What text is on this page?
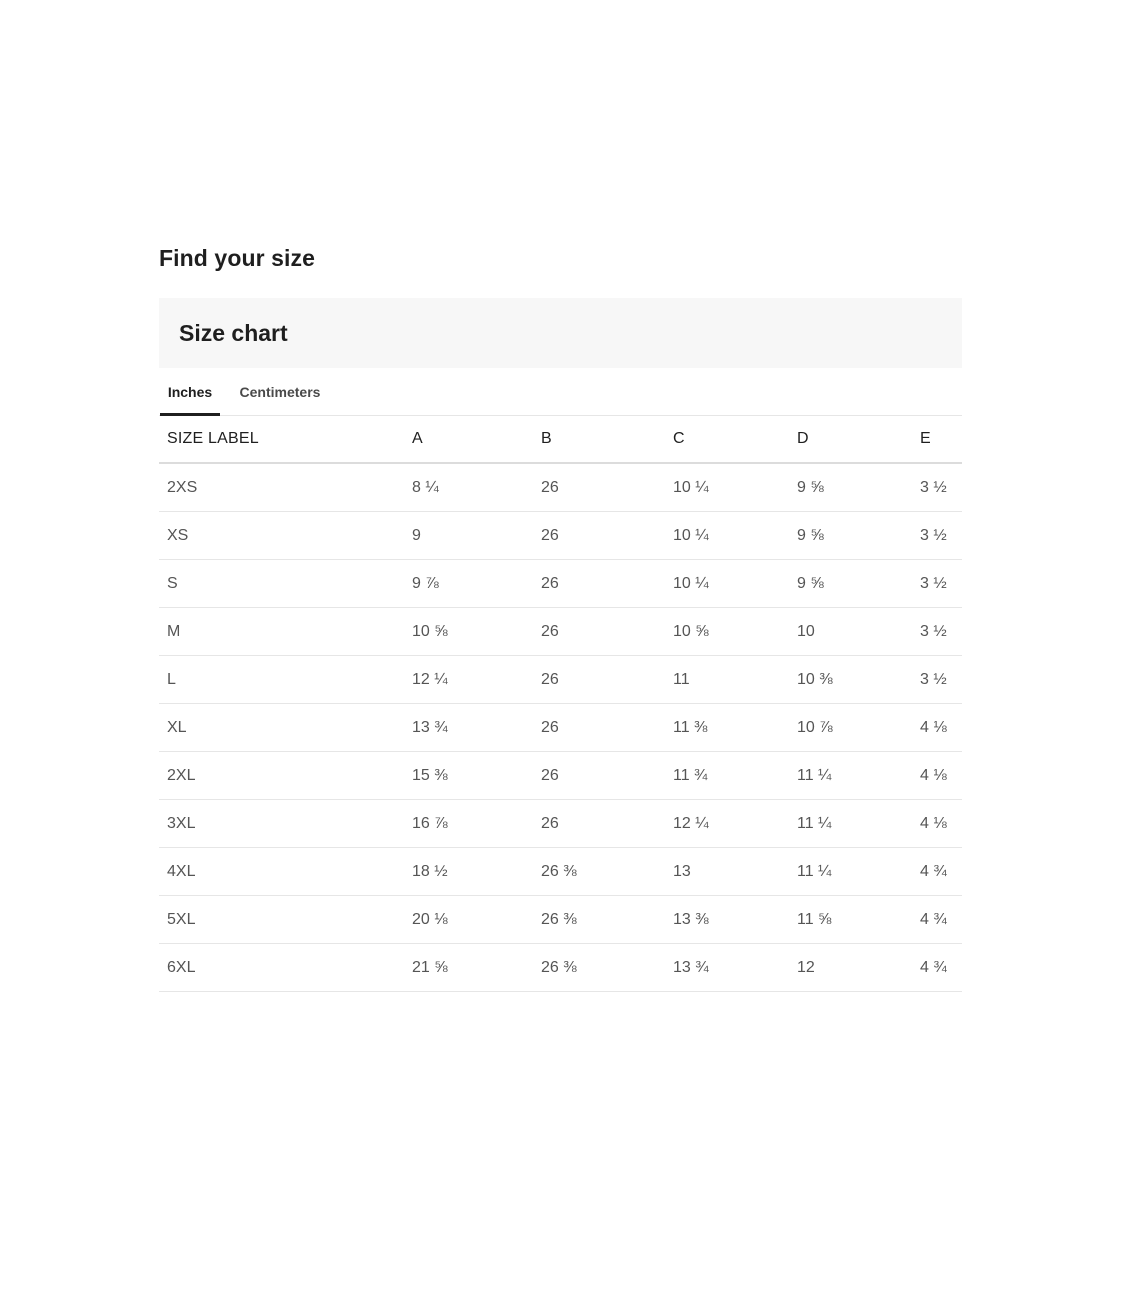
Find your size
Size chart
Inches	Centimeters
SIZE LABEL	A	B	C	D	E
2XS	8 ¼	26	10 ¼	9 ⅝	3 ½
XS	9	26	10 ¼	9 ⅝	3 ½
S	9 ⅞	26	10 ¼	9 ⅝	3 ½
M	10 ⅝	26	10 ⅝	10	3 ½
L	12 ¼	26	11	10 ⅜	3 ½
XL	13 ¾	26	11 ⅜	10 ⅞	4 ⅛
2XL	15 ⅜	26	11 ¾	11 ¼	4 ⅛
3XL	16 ⅞	26	12 ¼	11 ¼	4 ⅛
4XL	18 ½	26 ⅜	13	11 ¼	4 ¾
5XL	20 ⅛	26 ⅜	13 ⅜	11 ⅝	4 ¾
6XL	21 ⅝	26 ⅜	13 ¾	12	4 ¾
